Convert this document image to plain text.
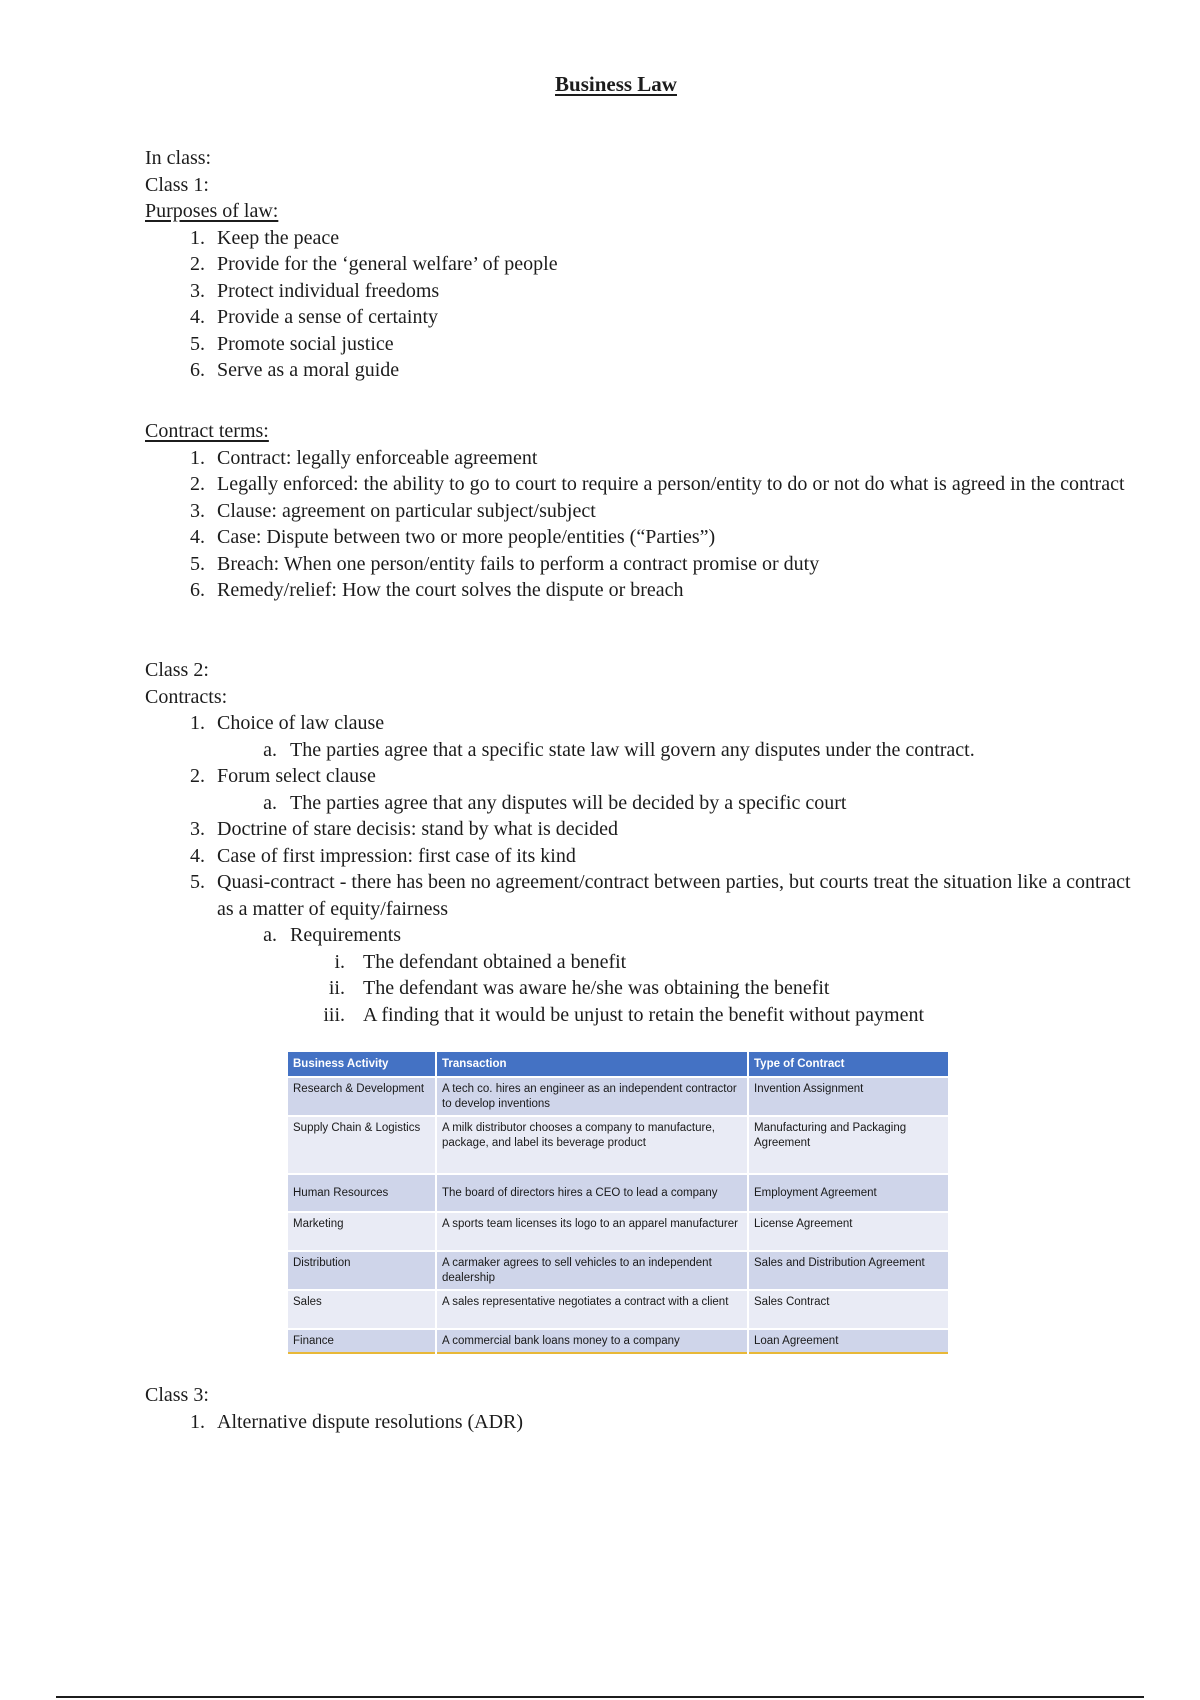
Business Law
In class:
Class 1:
Purposes of law:
1. Keep the peace
2. Provide for the ‘general welfare’ of people
3. Protect individual freedoms
4. Provide a sense of certainty
5. Promote social justice
6. Serve as a moral guide
Contract terms:
1. Contract: legally enforceable agreement
2. Legally enforced: the ability to go to court to require a person/entity to do or not do what is agreed in the contract
3. Clause: agreement on particular subject/subject
4. Case: Dispute between two or more people/entities (“Parties”)
5. Breach: When one person/entity fails to perform a contract promise or duty
6. Remedy/relief: How the court solves the dispute or breach
Class 2:
Contracts:
1. Choice of law clause
a. The parties agree that a specific state law will govern any disputes under the contract.
2. Forum select clause
a. The parties agree that any disputes will be decided by a specific court
3. Doctrine of stare decisis: stand by what is decided
4. Case of first impression: first case of its kind
5. Quasi-contract - there has been no agreement/contract between parties, but courts treat the situation like a contract as a matter of equity/fairness
a. Requirements
i. The defendant obtained a benefit
ii. The defendant was aware he/she was obtaining the benefit
iii. A finding that it would be unjust to retain the benefit without payment
Business Activity	Transaction	Type of Contract
Research & Development	A tech co. hires an engineer as an independent contractor to develop inventions	Invention Assignment
Supply Chain & Logistics	A milk distributor chooses a company to manufacture, package, and label its beverage product	Manufacturing and Packaging Agreement
Human Resources	The board of directors hires a CEO to lead a company	Employment Agreement
Marketing	A sports team licenses its logo to an apparel manufacturer	License Agreement
Distribution	A carmaker agrees to sell vehicles to an independent dealership	Sales and Distribution Agreement
Sales	A sales representative negotiates a contract with a client	Sales Contract
Finance	A commercial bank loans money to a company	Loan Agreement
Class 3:
1. Alternative dispute resolutions (ADR)
